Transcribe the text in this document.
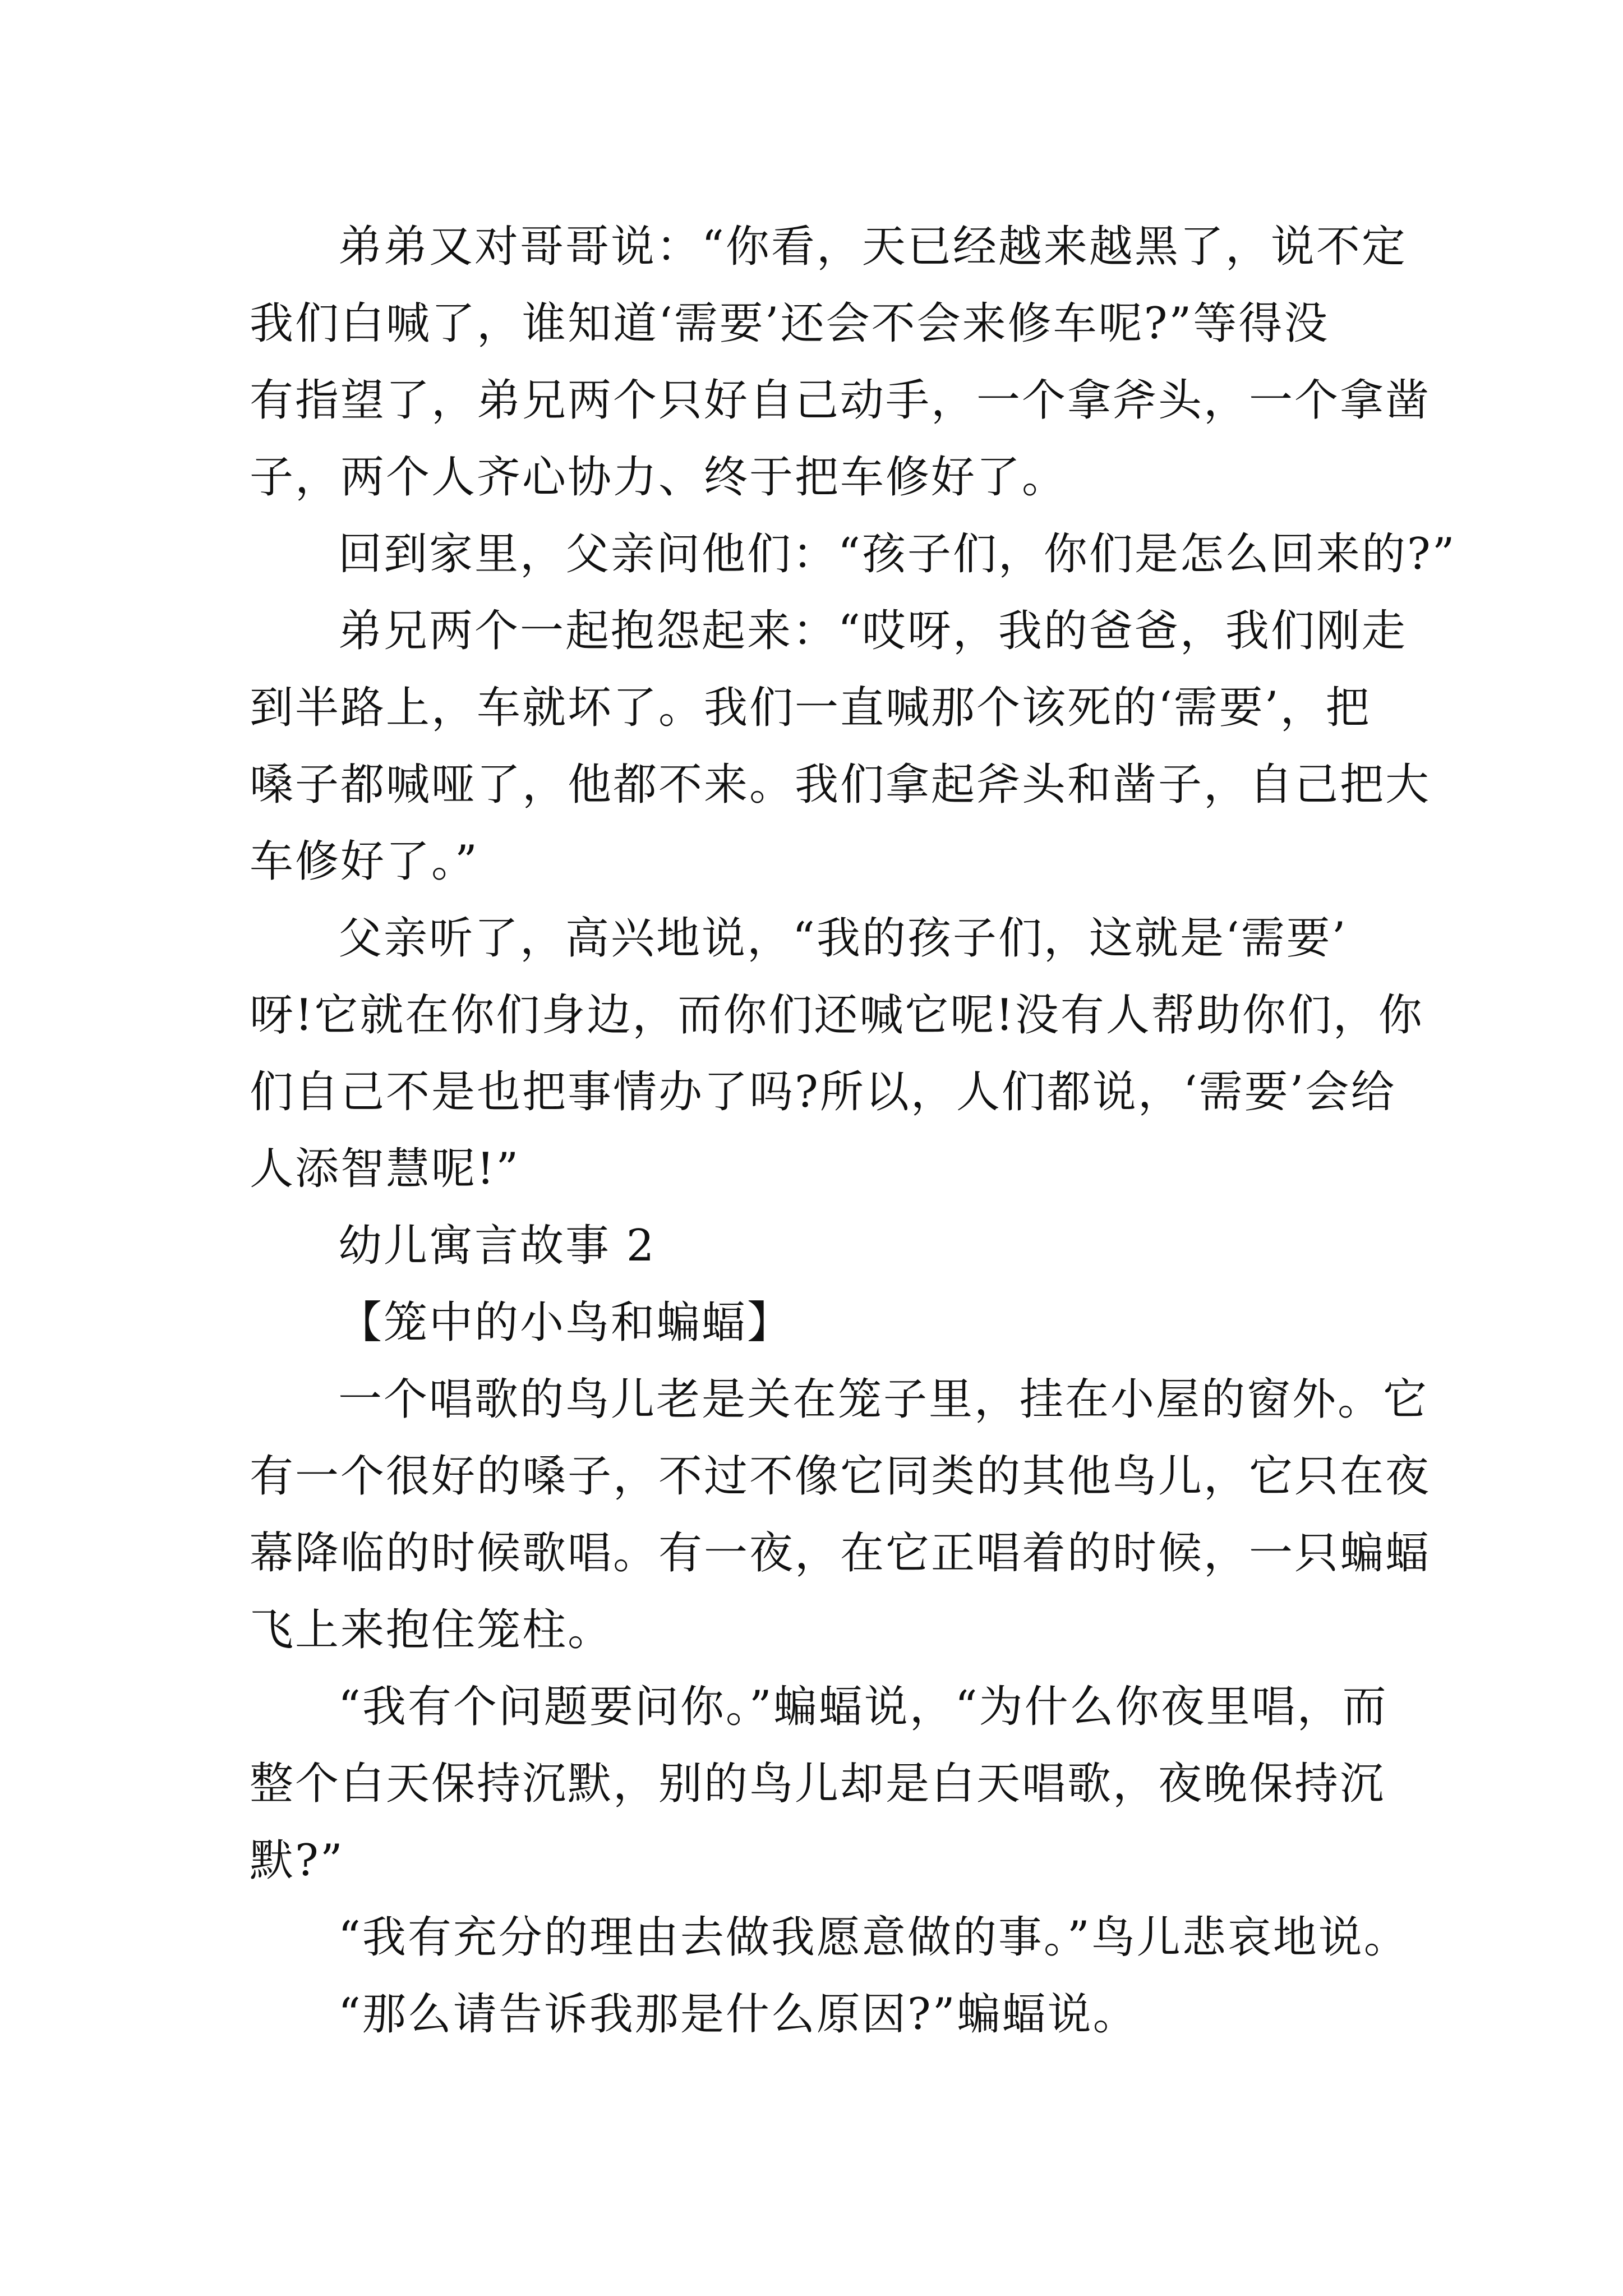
弟弟又对哥哥说：“你看，天已经越来越黑了，说不定
我们白喊了，谁知道‘需要’还会不会来修车呢?”等得没
有指望了，弟兄两个只好自己动手，一个拿斧头，一个拿凿
子，两个人齐心协力、终于把车修好了。
回到家里，父亲问他们：“孩子们，你们是怎么回来的?”
弟兄两个一起抱怨起来：“哎呀，我的爸爸，我们刚走
到半路上，车就坏了。我们一直喊那个该死的‘需要’，把
嗓子都喊哑了，他都不来。我们拿起斧头和凿子，自己把大
车修好了。”
父亲听了，高兴地说，“我的孩子们，这就是‘需要’
呀!它就在你们身边，而你们还喊它呢!没有人帮助你们，你
们自己不是也把事情办了吗?所以，人们都说，‘需要’会给
人添智慧呢!”
幼儿寓言故事 2
【笼中的小鸟和蝙蝠】
一个唱歌的鸟儿老是关在笼子里，挂在小屋的窗外。它
有一个很好的嗓子，不过不像它同类的其他鸟儿，它只在夜
幕降临的时候歌唱。有一夜，在它正唱着的时候，一只蝙蝠
飞上来抱住笼柱。
“我有个问题要问你。”蝙蝠说，“为什么你夜里唱，而
整个白天保持沉默，别的鸟儿却是白天唱歌，夜晚保持沉
默?”
“我有充分的理由去做我愿意做的事。”鸟儿悲哀地说。
“那么请告诉我那是什么原因?”蝙蝠说。
